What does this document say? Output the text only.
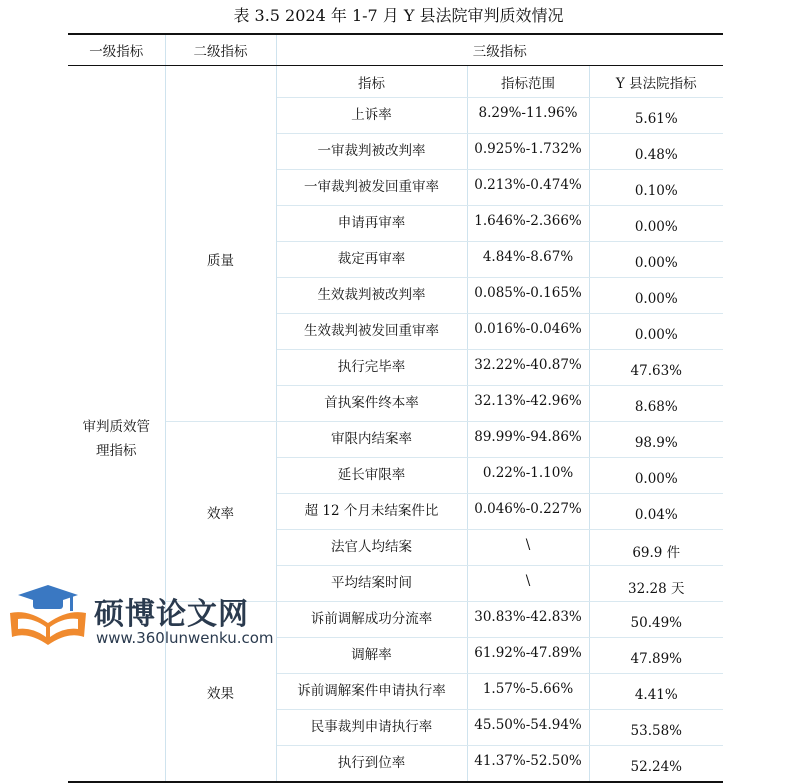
表 3.5 2024 年 1-7 月 Y 县法院审判质效情况
一级指标	二级指标	三级指标		
		指标	指标范围	Y 县法院指标
审判质效管理指标	质量	上诉率	8.29%-11.96%	5.61%
		一审裁判被改判率	0.925%-1.732%	0.48%
		一审裁判被发回重审率	0.213%-0.474%	0.10%
		申请再审率	1.646%-2.366%	0.00%
		裁定再审率	4.84%-8.67%	0.00%
		生效裁判被改判率	0.085%-0.165%	0.00%
		生效裁判被发回重审率	0.016%-0.046%	0.00%
		执行完毕率	32.22%-40.87%	47.63%
		首执案件终本率	32.13%-42.96%	8.68%
	效率	审限内结案率	89.99%-94.86%	98.9%
		延长审限率	0.22%-1.10%	0.00%
		超 12 个月未结案件比	0.046%-0.227%	0.04%
		法官人均结案	\	69.9 件
		平均结案时间	\	32.28 天
	效果	诉前调解成功分流率	30.83%-42.83%	50.49%
		调解率	61.92%-47.89%	47.89%
		诉前调解案件申请执行率	1.57%-5.66%	4.41%
		民事裁判申请执行率	45.50%-54.94%	53.58%
		执行到位率	41.37%-52.50%	52.24%
硕博论文网
www.360lunwenku.com
